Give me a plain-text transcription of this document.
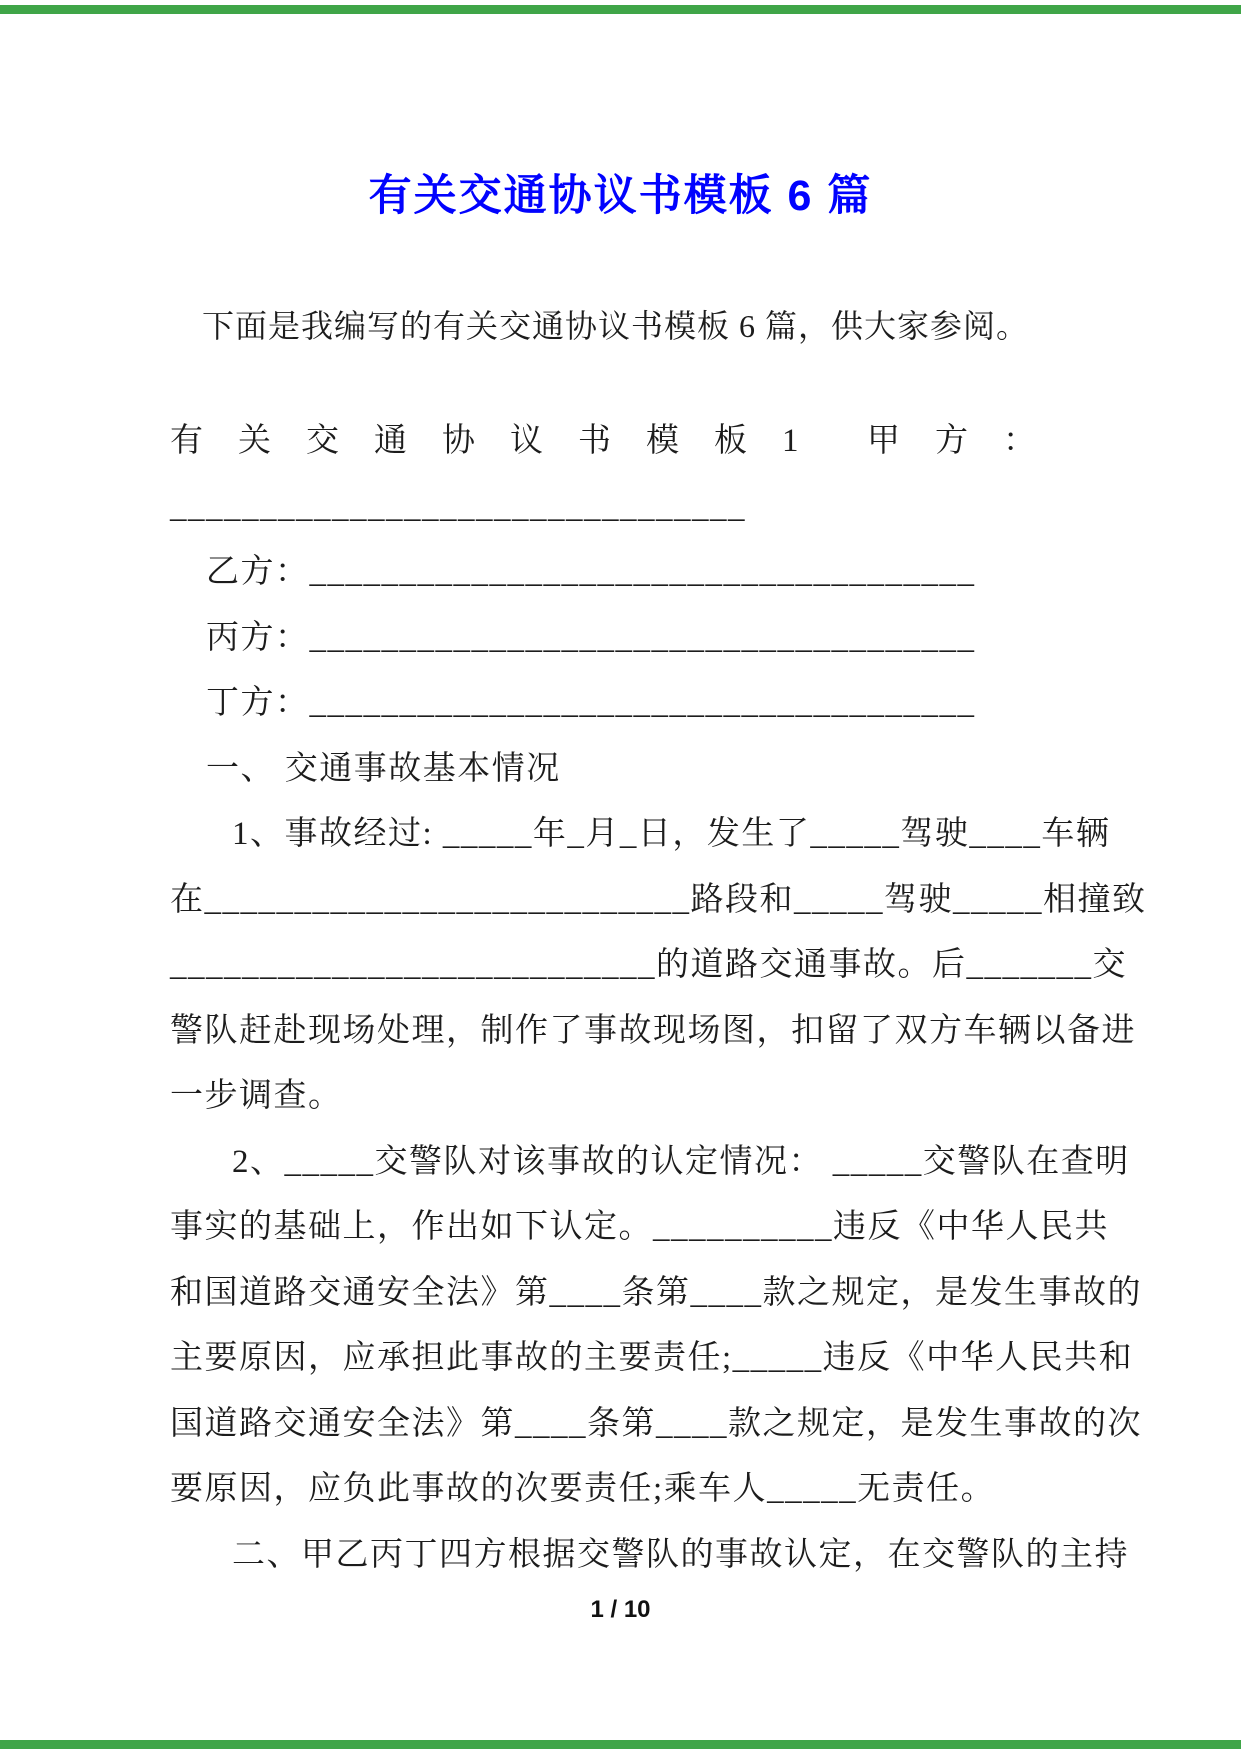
有关交通协议书模板 6 篇

下面是我编写的有关交通协议书模板 6 篇，供大家参阅。

有关交通协议书模板1 甲方：
________________________________
乙方：_____________________________________
丙方：_____________________________________
丁方：_____________________________________
一、 交通事故基本情况
1、事故经过: _____年_月_日，发生了_____驾驶____车辆
在___________________________路段和_____驾驶_____相撞致
___________________________的道路交通事故。后_______交
警队赶赴现场处理，制作了事故现场图，扣留了双方车辆以备进
一步调查。
2、_____交警队对该事故的认定情况： _____交警队在查明
事实的基础上，作出如下认定。__________违反《中华人民共
和国道路交通安全法》第____条第____款之规定，是发生事故的
主要原因，应承担此事故的主要责任;_____违反《中华人民共和
国道路交通安全法》第____条第____款之规定，是发生事故的次
要原因，应负此事故的次要责任;乘车人_____无责任。
二、甲乙丙丁四方根据交警队的事故认定，在交警队的主持
1 / 10
